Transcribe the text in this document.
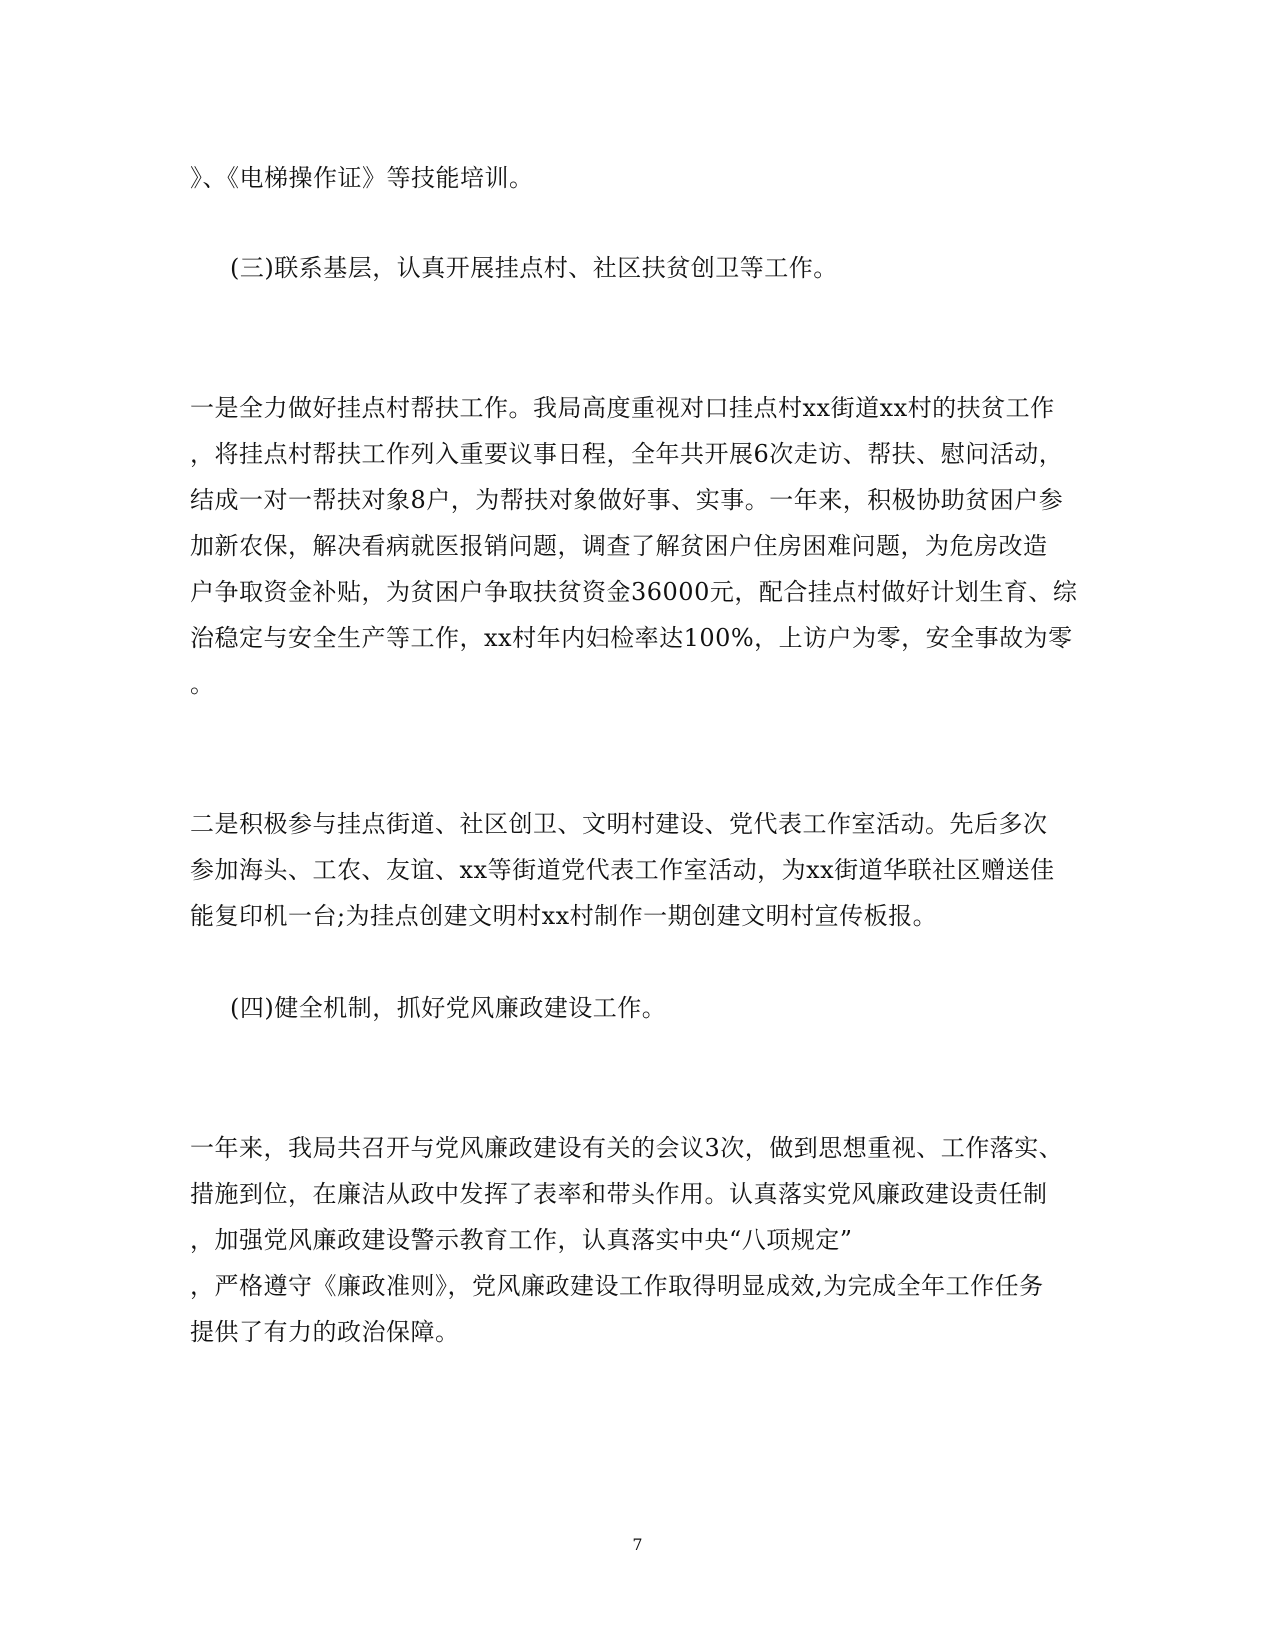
》、《电梯操作证》等技能培训。
(三)联系基层，认真开展挂点村、社区扶贫创卫等工作。
一是全力做好挂点村帮扶工作。我局高度重视对口挂点村xx街道xx村的扶贫工作
，将挂点村帮扶工作列入重要议事日程，全年共开展6次走访、帮扶、慰问活动，
结成一对一帮扶对象8户，为帮扶对象做好事、实事。一年来，积极协助贫困户参
加新农保，解决看病就医报销问题，调查了解贫困户住房困难问题，为危房改造
户争取资金补贴，为贫困户争取扶贫资金36000元，配合挂点村做好计划生育、综
治稳定与安全生产等工作，xx村年内妇检率达100%，上访户为零，安全事故为零
。
二是积极参与挂点街道、社区创卫、文明村建设、党代表工作室活动。先后多次
参加海头、工农、友谊、xx等街道党代表工作室活动，为xx街道华联社区赠送佳
能复印机一台;为挂点创建文明村xx村制作一期创建文明村宣传板报。
(四)健全机制，抓好党风廉政建设工作。
一年来，我局共召开与党风廉政建设有关的会议3次，做到思想重视、工作落实、
措施到位，在廉洁从政中发挥了表率和带头作用。认真落实党风廉政建设责任制
，加强党风廉政建设警示教育工作，认真落实中央“八项规定”
，严格遵守《廉政准则》，党风廉政建设工作取得明显成效,为完成全年工作任务
提供了有力的政治保障。
7
